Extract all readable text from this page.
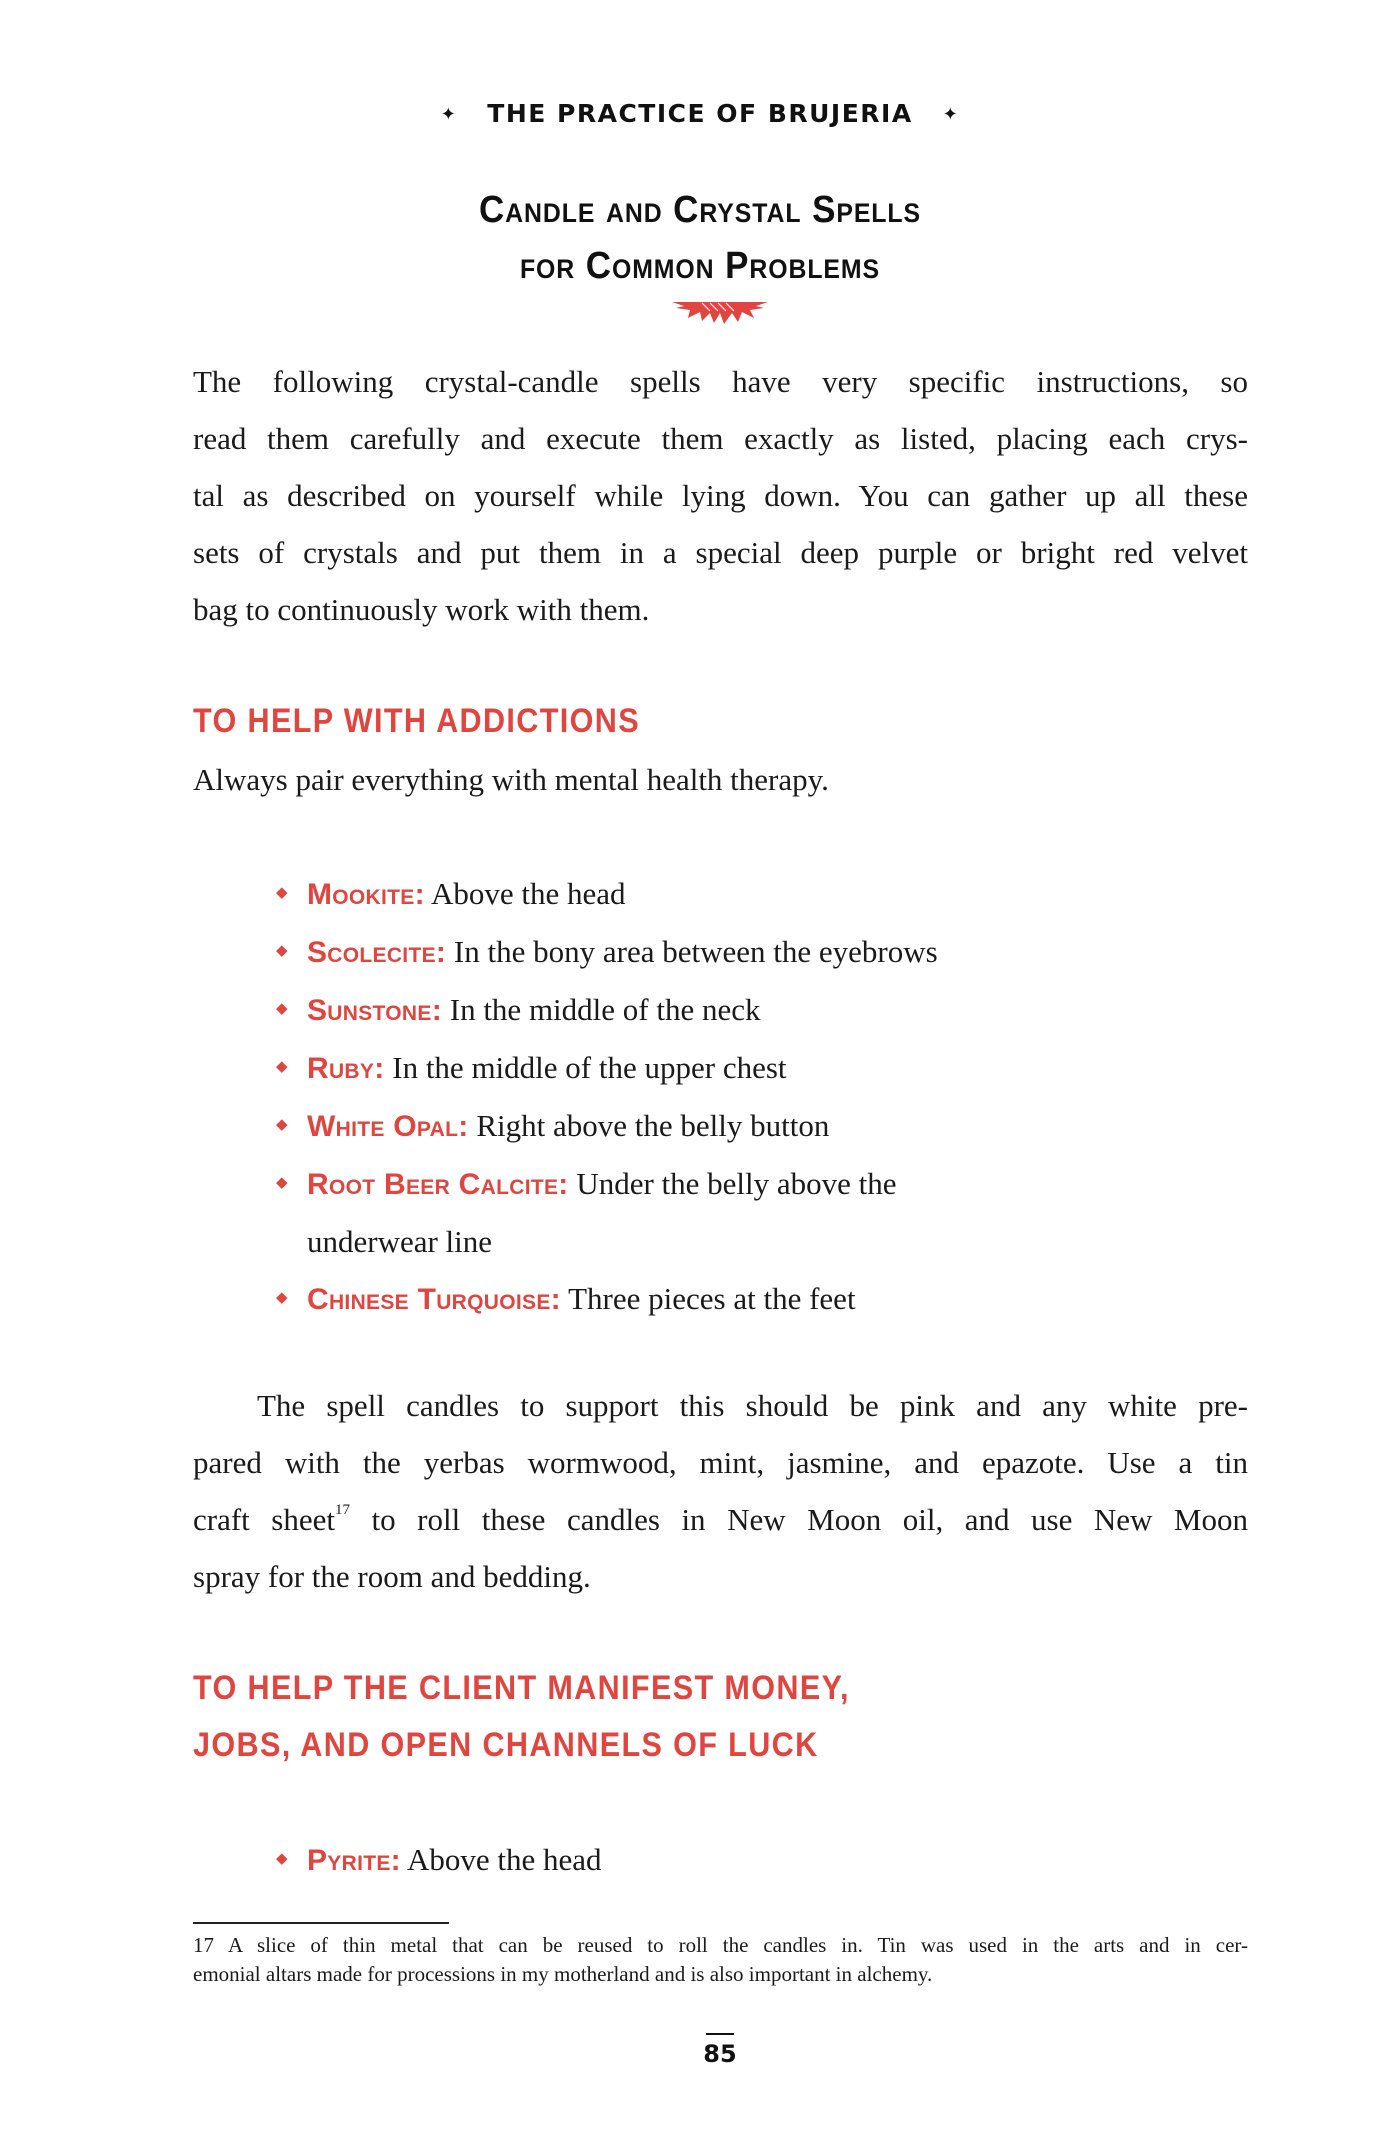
✦ THE PRACTICE OF BRUJERIA ✦
Candle and Crystal Spells
for Common Problems
The following crystal-candle spells have very specific instructions, so
read them carefully and execute them exactly as listed, placing each crys-
tal as described on yourself while lying down. You can gather up all these
sets of crystals and put them in a special deep purple or bright red velvet
bag to continuously work with them.
TO HELP WITH ADDICTIONS
Always pair everything with mental health therapy.
◆ Mookite: Above the head
◆ Scolecite: In the bony area between the eyebrows
◆ Sunstone: In the middle of the neck
◆ Ruby: In the middle of the upper chest
◆ White Opal: Right above the belly button
◆ Root Beer Calcite: Under the belly above the
underwear line
◆ Chinese Turquoise: Three pieces at the feet
The spell candles to support this should be pink and any white pre-
pared with the yerbas wormwood, mint, jasmine, and epazote. Use a tin
craft sheet$^{17}$ to roll these candles in New Moon oil, and use New Moon
spray for the room and bedding.
TO HELP THE CLIENT MANIFEST MONEY,
JOBS, AND OPEN CHANNELS OF LUCK
◆ Pyrite: Above the head
17 A slice of thin metal that can be reused to roll the candles in. Tin was used in the arts and in cer-
emonial altars made for processions in my motherland and is also important in alchemy.
85
